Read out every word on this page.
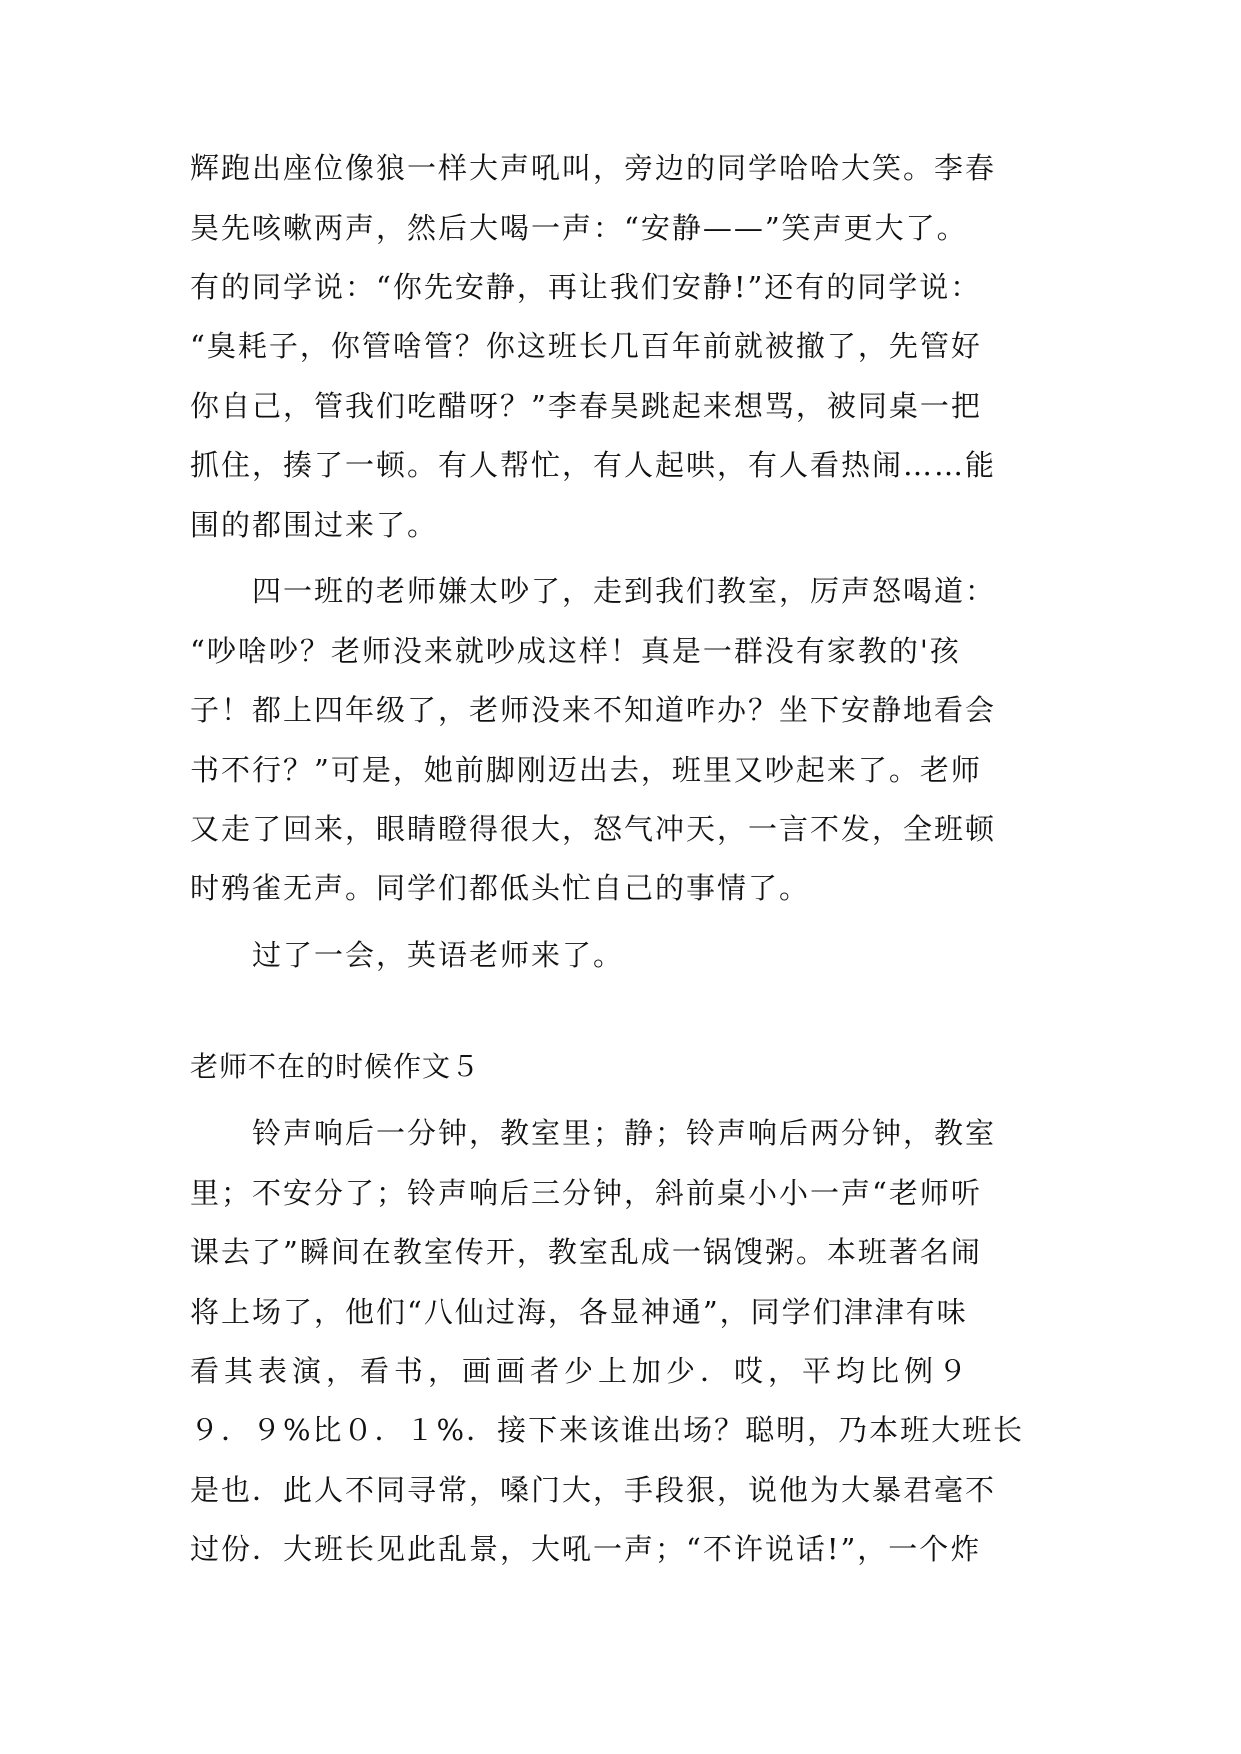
辉跑出座位像狼一样大声吼叫，旁边的同学哈哈大笑。李春
昊先咳嗽两声，然后大喝一声：“安静——”笑声更大了。
有的同学说：“你先安静，再让我们安静!”还有的同学说：
“臭耗子，你管啥管？你这班长几百年前就被撤了，先管好
你自己，管我们吃醋呀？”李春昊跳起来想骂，被同桌一把
抓住，揍了一顿。有人帮忙，有人起哄，有人看热闹……能
围的都围过来了。
四一班的老师嫌太吵了，走到我们教室，厉声怒喝道：
“吵啥吵？老师没来就吵成这样！真是一群没有家教的'孩
子！都上四年级了，老师没来不知道咋办？坐下安静地看会
书不行？”可是，她前脚刚迈出去，班里又吵起来了。老师
又走了回来，眼睛瞪得很大，怒气冲天，一言不发，全班顿
时鸦雀无声。同学们都低头忙自己的事情了。
过了一会，英语老师来了。
老师不在的时候作文５
铃声响后一分钟，教室里；静；铃声响后两分钟，教室
里；不安分了；铃声响后三分钟，斜前桌小小一声“老师听
课去了”瞬间在教室传开，教室乱成一锅馊粥。本班著名闹
将上场了，他们“八仙过海，各显神通”，同学们津津有味
看其表演，看书，画画者少上加少．哎，平均比例９
９．９%比０．１%．接下来该谁出场？聪明，乃本班大班长
是也．此人不同寻常，嗓门大，手段狠，说他为大暴君毫不
过份．大班长见此乱景，大吼一声；“不许说话!”，一个炸
